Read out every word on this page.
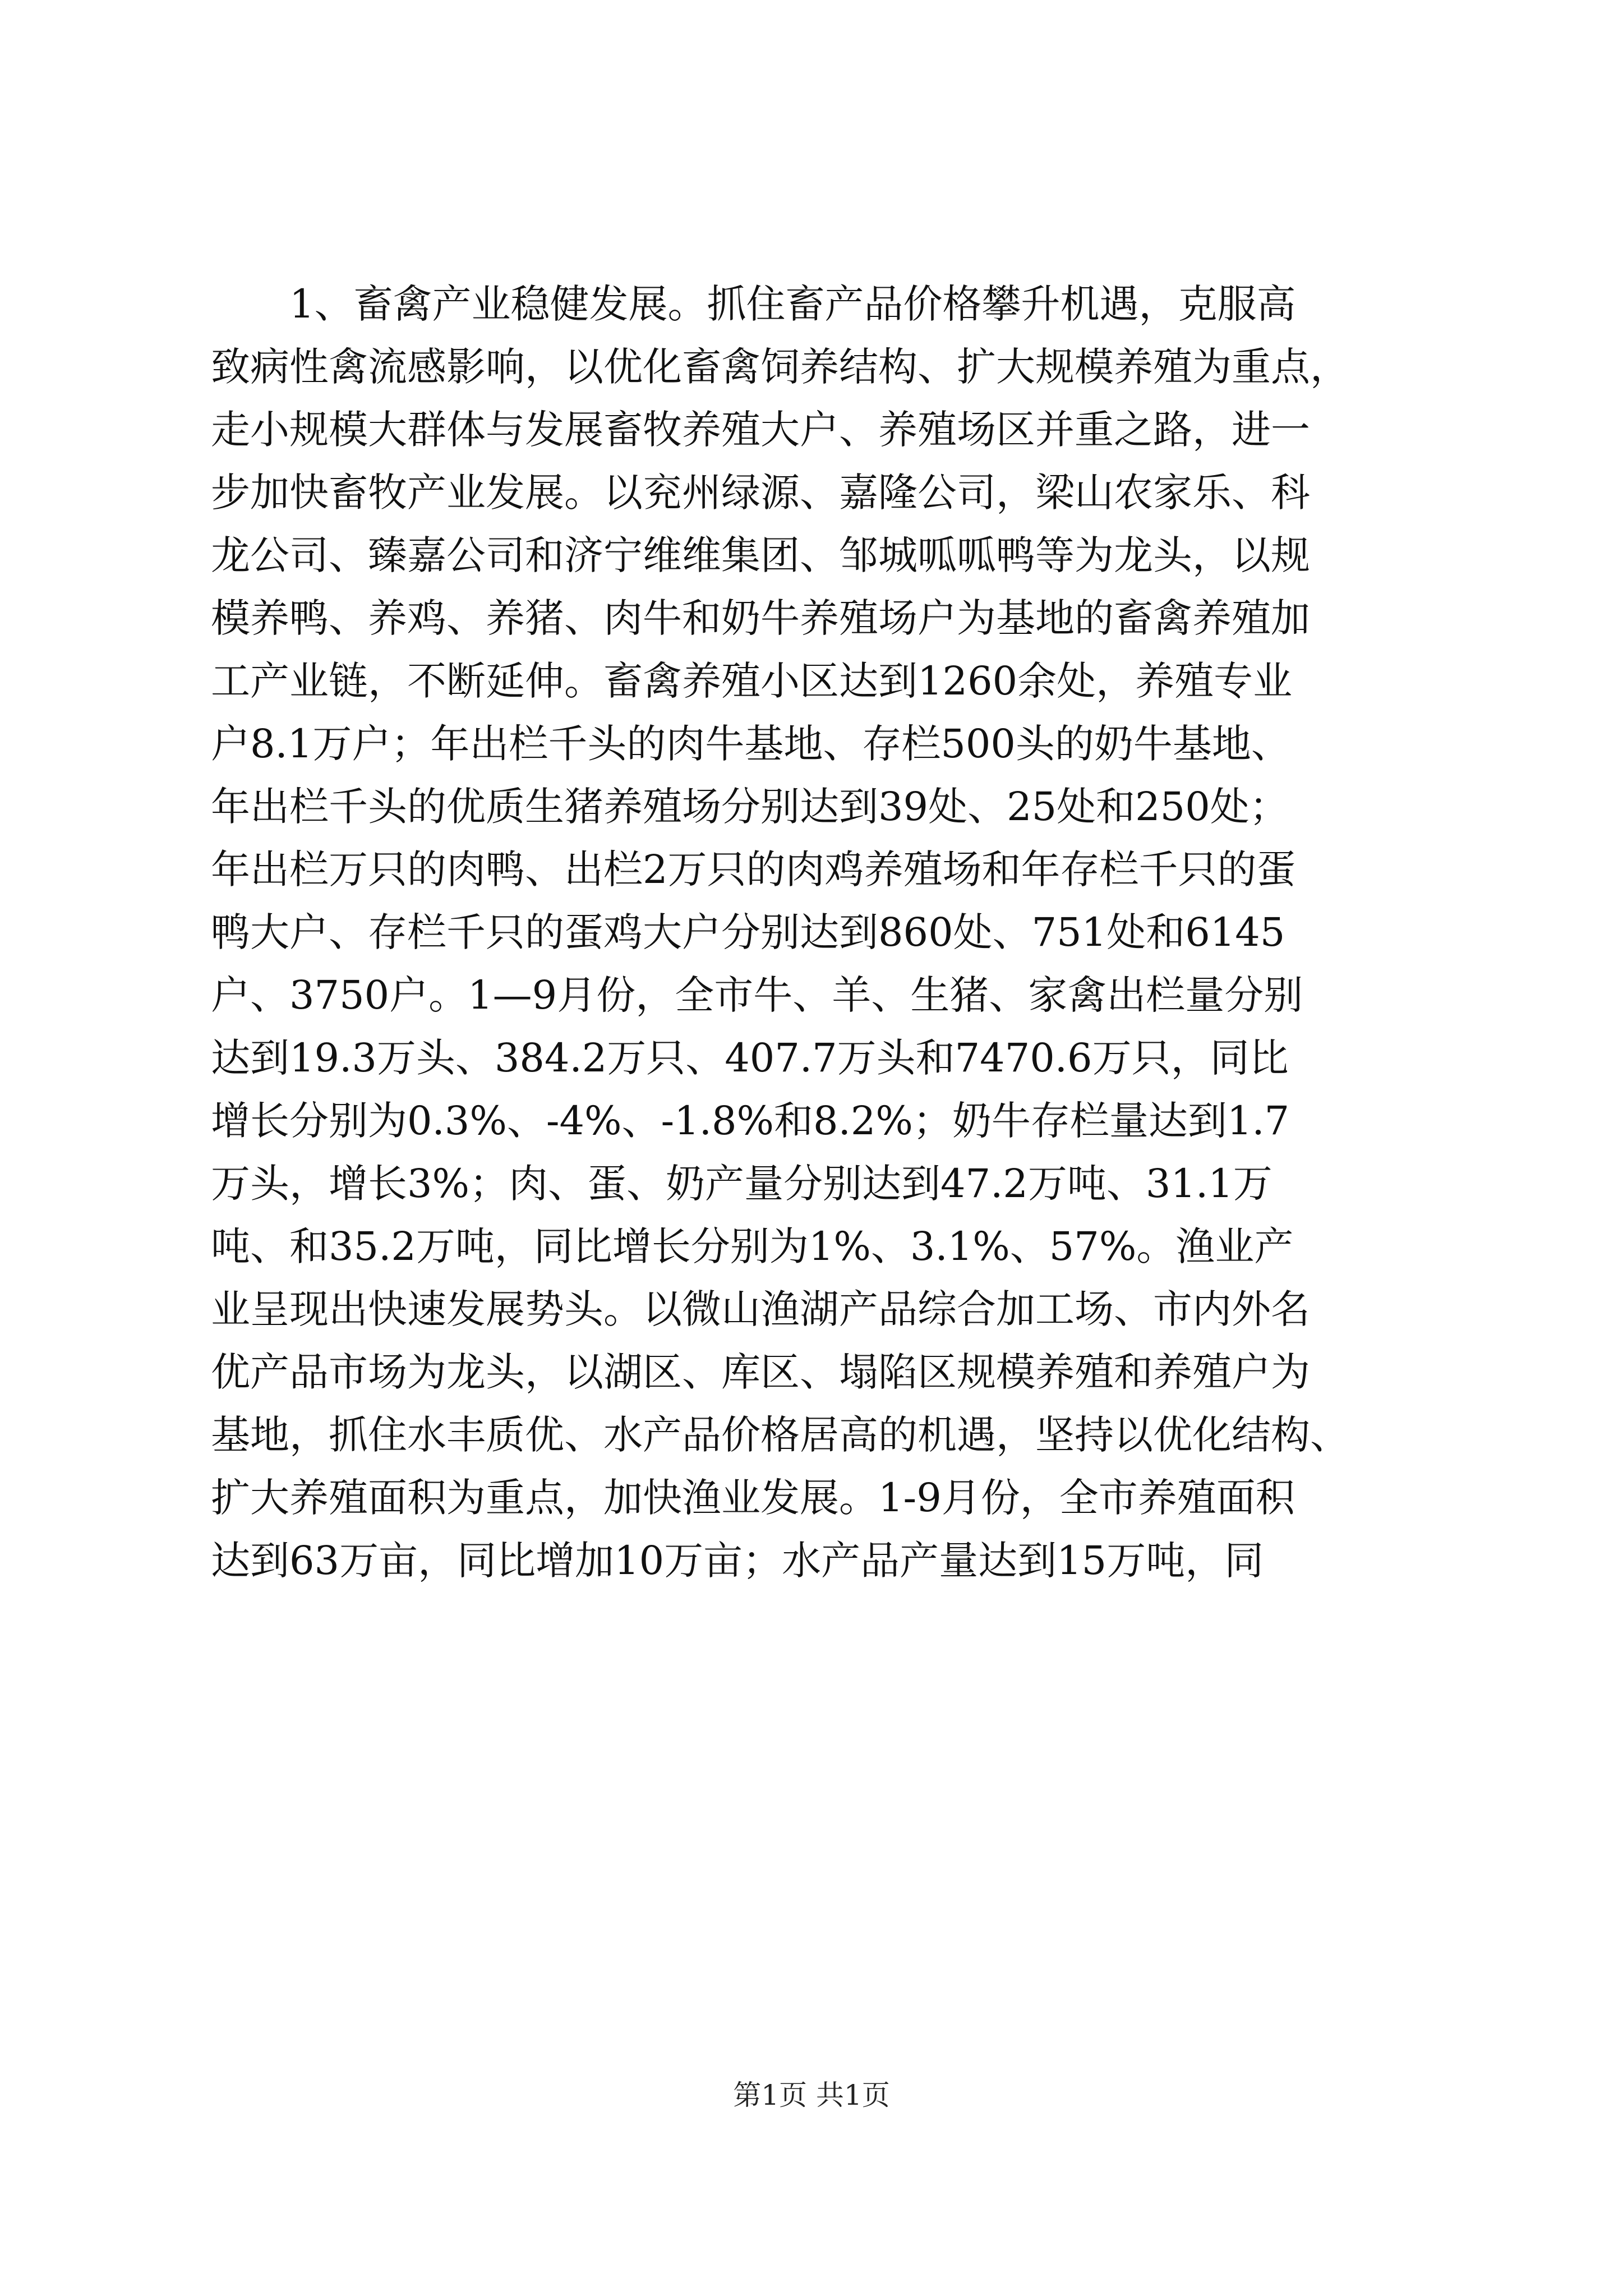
1、畜禽产业稳健发展。抓住畜产品价格攀升机遇，克服高
致病性禽流感影响，以优化畜禽饲养结构、扩大规模养殖为重点，
走小规模大群体与发展畜牧养殖大户、养殖场区并重之路，进一
步加快畜牧产业发展。以兖州绿源、嘉隆公司，梁山农家乐、科
龙公司、臻嘉公司和济宁维维集团、邹城呱呱鸭等为龙头，以规
模养鸭、养鸡、养猪、肉牛和奶牛养殖场户为基地的畜禽养殖加
工产业链，不断延伸。畜禽养殖小区达到1260余处，养殖专业
户8.1万户；年出栏千头的肉牛基地、存栏500头的奶牛基地、
年出栏千头的优质生猪养殖场分别达到39处、25处和250处；
年出栏万只的肉鸭、出栏2万只的肉鸡养殖场和年存栏千只的蛋
鸭大户、存栏千只的蛋鸡大户分别达到860处、751处和6145
户、3750户。1—9月份，全市牛、羊、生猪、家禽出栏量分别
达到19.3万头、384.2万只、407.7万头和7470.6万只，同比
增长分别为0.3%、-4%、-1.8%和8.2%；奶牛存栏量达到1.7
万头，增长3%；肉、蛋、奶产量分别达到47.2万吨、31.1万
吨、和35.2万吨，同比增长分别为1%、3.1%、57%。渔业产
业呈现出快速发展势头。以微山渔湖产品综合加工场、市内外名
优产品市场为龙头，以湖区、库区、塌陷区规模养殖和养殖户为
基地，抓住水丰质优、水产品价格居高的机遇，坚持以优化结构、
扩大养殖面积为重点，加快渔业发展。1-9月份，全市养殖面积
达到63万亩，同比增加10万亩；水产品产量达到15万吨，同
第1页 共1页
